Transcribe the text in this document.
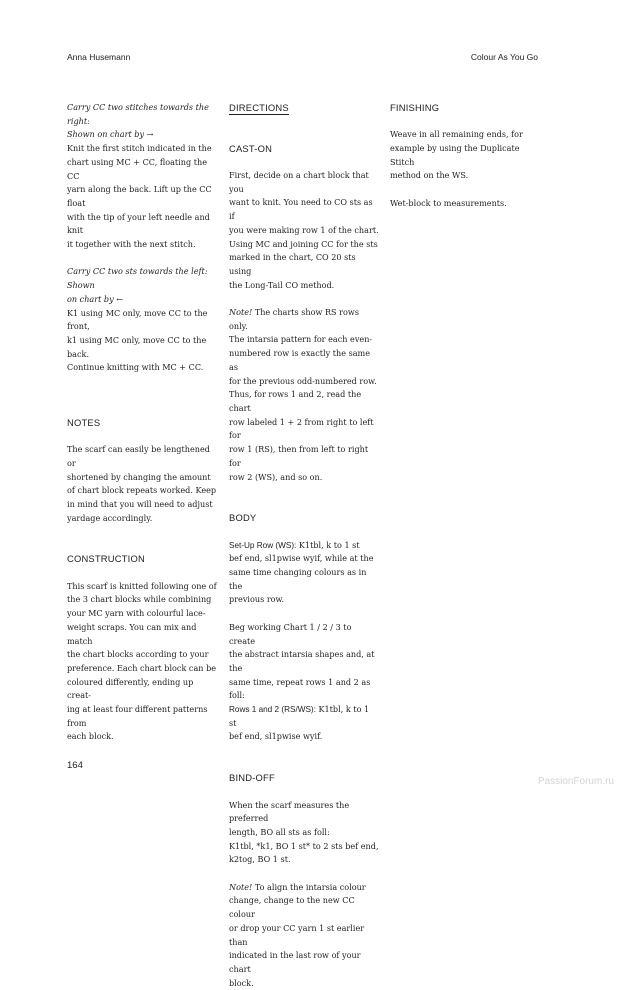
Anna Husemann	Colour As You Go

Carry CC two stitches towards the right:

Shown on chart by →

Knit the first stitch indicated in the

chart using MC + CC, floating the CC

yarn along the back. Lift up the CC float

with the tip of your left needle and knit

it together with the next stitch.

Carry CC two sts towards the left: Shown

on chart by ←

K1 using MC only, move CC to the front,

k1 using MC only, move CC to the back.

Continue knitting with MC + CC.

NOTES

The scarf can easily be lengthened or

shortened by changing the amount

of chart block repeats worked. Keep

in mind that you will need to adjust

yardage accordingly.

CONSTRUCTION

This scarf is knitted following one of

the 3 chart blocks while combining

your MC yarn with colourful lace-

weight scraps. You can mix and match

the chart blocks according to your

preference. Each chart block can be

coloured differently, ending up creat-

ing at least four different patterns from

each block.

DIRECTIONS
CAST-ON

First, decide on a chart block that you

want to knit. You need to CO sts as if

you were making row 1 of the chart.

Using MC and joining CC for the sts

marked in the chart, CO 20 sts using

the Long-Tail CO method.

Note! The charts show RS rows only.

The intarsia pattern for each even-

numbered row is exactly the same as

for the previous odd-numbered row.

Thus, for rows 1 and 2, read the chart

row labeled 1 + 2 from right to left for

row 1 (RS), then from left to right for

row 2 (WS), and so on.

BODY

Set-Up Row (WS): K1tbl, k to 1 st

bef end, sl1pwise wyif, while at the

same time changing colours as in the

previous row.

Beg working Chart 1 / 2 / 3 to create

the abstract intarsia shapes and, at the

same time, repeat rows 1 and 2 as foll:

Rows 1 and 2 (RS/WS): K1tbl, k to 1 st

bef end, sl1pwise wyif.

BIND-OFF

When the scarf measures the preferred

length, BO all sts as foll:

K1tbl, *k1, BO 1 st* to 2 sts bef end,

k2tog, BO 1 st.

Note! To align the intarsia colour

change, change to the new CC colour

or drop your CC yarn 1 st earlier than

indicated in the last row of your chart

block.

FINISHING

Weave in all remaining ends, for

example by using the Duplicate Stitch

method on the WS.

Wet-block to measurements.

164
PassionForum.ru
